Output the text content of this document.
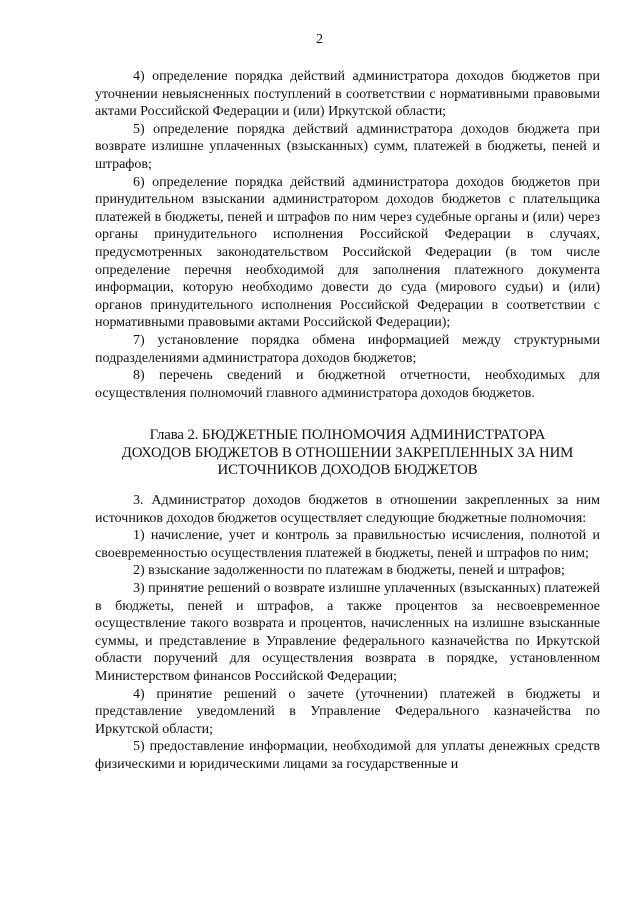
2

4) определение порядка действий администратора доходов бюджетов при уточнении невыясненных поступлений в соответствии с нормативными правовыми актами Российской Федерации и (или) Иркутской области;

5) определение порядка действий администратора доходов бюджета при возврате излишне уплаченных (взысканных) сумм, платежей в бюджеты, пеней и штрафов;

6) определение порядка действий администратора доходов бюджетов при принудительном взыскании администратором доходов бюджетов с плательщика платежей в бюджеты, пеней и штрафов по ним через судебные органы и (или) через органы принудительного исполнения Российской Федерации в случаях, предусмотренных законодательством Российской Федерации (в том числе определение перечня необходимой для заполнения платежного документа информации, которую необходимо довести до суда (мирового судьи) и (или) органов принудительного исполнения Российской Федерации в соответствии с нормативными правовыми актами Российской Федерации);

7) установление порядка обмена информацией между структурными подразделениями администратора доходов бюджетов;

8) перечень сведений и бюджетной отчетности, необходимых для осуществления полномочий главного администратора доходов бюджетов.

Глава 2. БЮДЖЕТНЫЕ ПОЛНОМОЧИЯ АДМИНИСТРАТОРА
ДОХОДОВ БЮДЖЕТОВ В ОТНОШЕНИИ ЗАКРЕПЛЕННЫХ ЗА НИМ
ИСТОЧНИКОВ ДОХОДОВ БЮДЖЕТОВ

3. Администратор доходов бюджетов в отношении закрепленных за ним источников доходов бюджетов осуществляет следующие бюджетные полномочия:

1) начисление, учет и контроль за правильностью исчисления, полнотой и своевременностью осуществления платежей в бюджеты, пеней и штрафов по ним;

2) взыскание задолженности по платежам в бюджеты, пеней и штрафов;

3) принятие решений о возврате излишне уплаченных (взысканных) платежей в бюджеты, пеней и штрафов, а также процентов за несвоевременное осуществление такого возврата и процентов, начисленных на излишне взысканные суммы, и представление в Управление федерального казначейства по Иркутской области поручений для осуществления возврата в порядке, установленном Министерством финансов Российской Федерации;

4) принятие решений о зачете (уточнении) платежей в бюджеты и представление уведомлений в Управление Федерального казначейства по Иркутской области;

5) предоставление информации, необходимой для уплаты денежных средств физическими и юридическими лицами за государственные и
